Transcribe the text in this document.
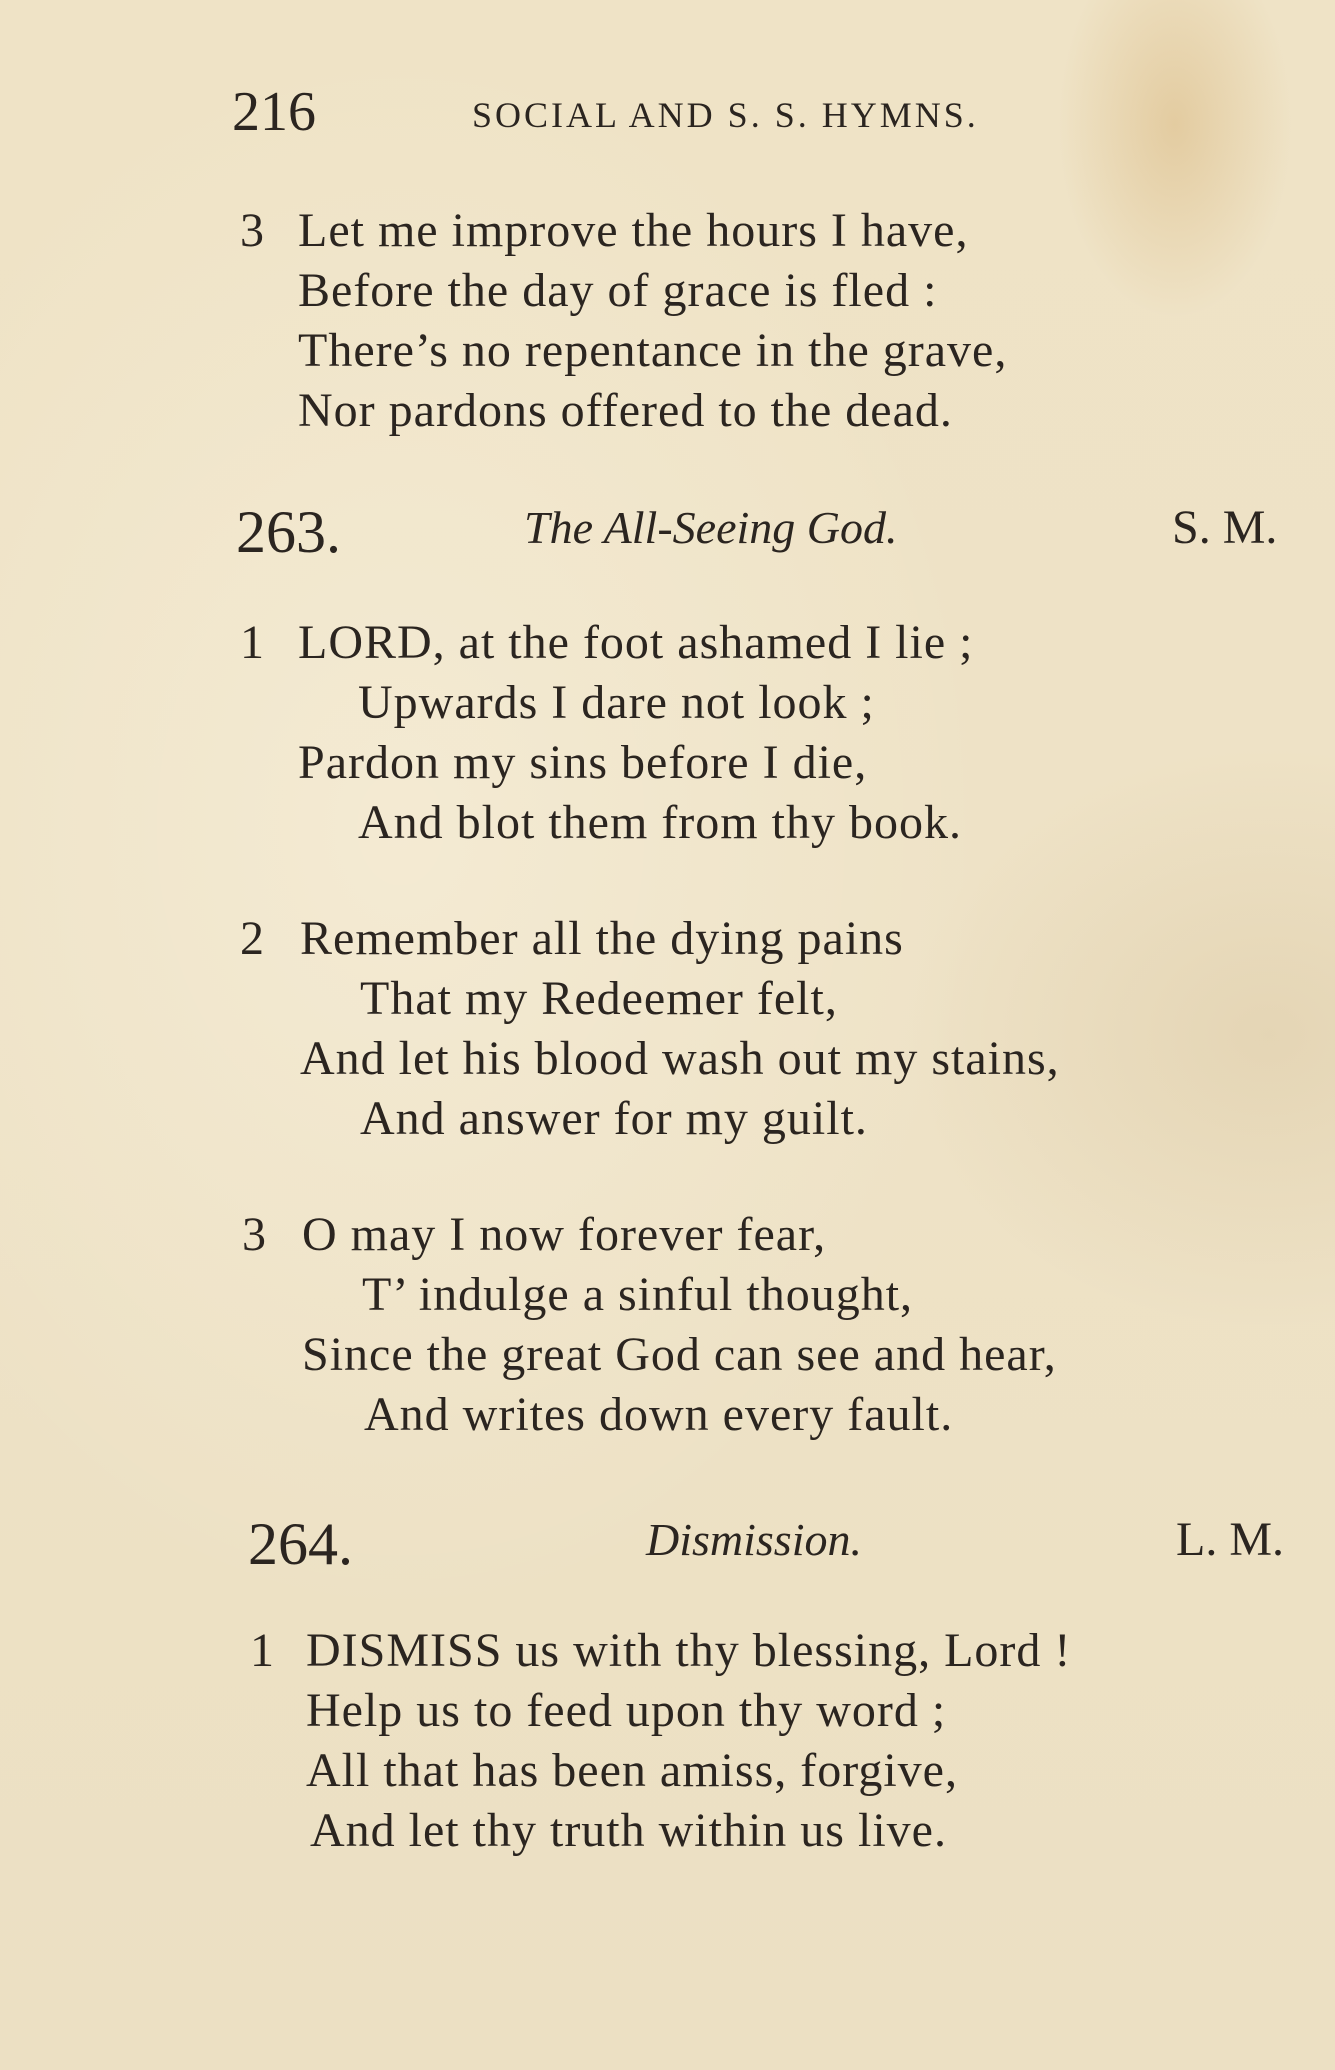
216	SOCIAL AND S. S. HYMNS.
3 Let me improve the hours I have,
Before the day of grace is fled :
There’s no repentance in the grave,
Nor pardons offered to the dead.
263.	The All-Seeing God.	S. M.
1 LORD, at the foot ashamed I lie ;
Upwards I dare not look ;
Pardon my sins before I die,
And blot them from thy book.
2 Remember all the dying pains
That my Redeemer felt,
And let his blood wash out my stains,
And answer for my guilt.
3 O may I now forever fear,
T’ indulge a sinful thought,
Since the great God can see and hear,
And writes down every fault.
264.	Dismission.	L. M.
1 DISMISS us with thy blessing, Lord !
Help us to feed upon thy word ;
All that has been amiss, forgive,
And let thy truth within us live.
